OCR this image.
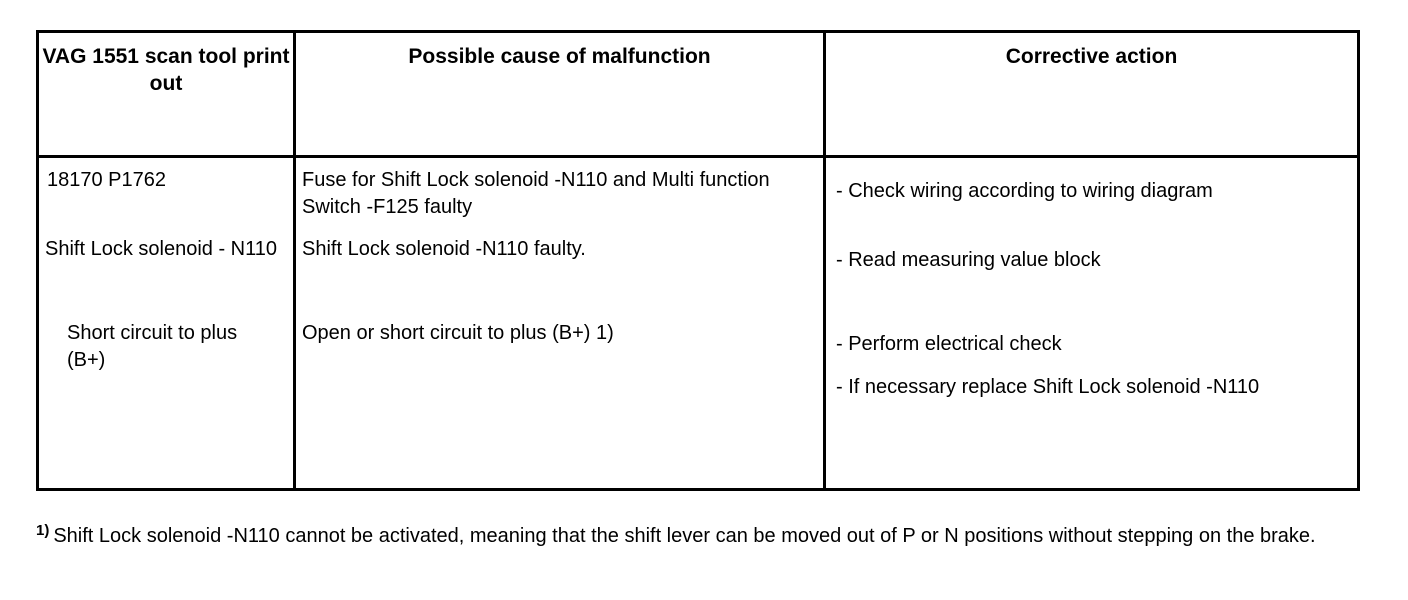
VAG 1551 scan tool print out
Possible cause of malfunction	Corrective action
18170 P1762
Shift Lock solenoid - N110
Short circuit to plus (B+)
Fuse for Shift Lock solenoid -N110 and Multi function Switch -F125 faulty
Shift Lock solenoid -N110 faulty.
Open or short circuit to plus (B+) 1)
- Check wiring according to wiring diagram
- Read measuring value block
- Perform electrical check
- If necessary replace Shift Lock solenoid -N110
$^{1)}$ Shift Lock solenoid -N110 cannot be activated, meaning that the shift lever can be moved out of P or N positions without stepping on the brake.
